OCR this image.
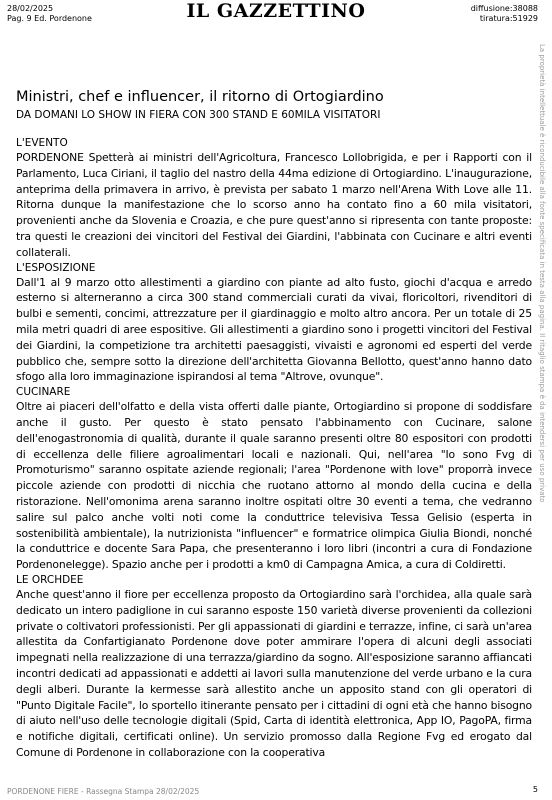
28/02/2025
Pag. 9 Ed. Pordenone	IL GAZZETTINO	diffusione:38088
tiratura:51929
La proprietà intellettuale è riconducibile alla fonte specificata in testa alla pagina. Il ritaglio stampa è da intendersi per uso privato
Ministri, chef e influencer, il ritorno di Ortogiardino
DA DOMANI LO SHOW IN FIERA CON 300 STAND E 60MILA VISITATORI
L'EVENTO

PORDENONE Spetterà ai ministri dell'Agricoltura, Francesco Lollobrigida, e per i Rapporti con il Parlamento, Luca Ciriani, il taglio del nastro della 44ma edizione di Ortogiardino. L'inaugurazione, anteprima della primavera in arrivo, è prevista per sabato 1 marzo nell'Arena With Love alle 11. Ritorna dunque la manifestazione che lo scorso anno ha contato fino a 60 mila visitatori, provenienti anche da Slovenia e Croazia, e che pure quest'anno si ripresenta con tante proposte: tra questi le creazioni dei vincitori del Festival dei Giardini, l'abbinata con Cucinare e altri eventi collaterali.

L'ESPOSIZIONE

Dall'1 al 9 marzo otto allestimenti a giardino con piante ad alto fusto, giochi d'acqua e arredo esterno si alterneranno a circa 300 stand commerciali curati da vivai, floricoltori, rivenditori di bulbi e sementi, concimi, attrezzature per il giardinaggio e molto altro ancora. Per un totale di 25 mila metri quadri di aree espositive. Gli allestimenti a giardino sono i progetti vincitori del Festival dei Giardini, la competizione tra architetti paesaggisti, vivaisti e agronomi ed esperti del verde pubblico che, sempre sotto la direzione dell'architetta Giovanna Bellotto, quest'anno hanno dato sfogo alla loro immaginazione ispirandosi al tema "Altrove, ovunque".

CUCINARE

Oltre ai piaceri dell'olfatto e della vista offerti dalle piante, Ortogiardino si propone di soddisfare anche il gusto. Per questo è stato pensato l'abbinamento con Cucinare, salone dell'enogastronomia di qualità, durante il quale saranno presenti oltre 80 espositori con prodotti di eccellenza delle filiere agroalimentari locali e nazionali. Qui, nell'area "Io sono Fvg di Promoturismo" saranno ospitate aziende regionali; l'area "Pordenone with love" proporrà invece piccole aziende con prodotti di nicchia che ruotano attorno al mondo della cucina e della ristorazione. Nell'omonima arena saranno inoltre ospitati oltre 30 eventi a tema, che vedranno salire sul palco anche volti noti come la conduttrice televisiva Tessa Gelisio (esperta in sostenibilità ambientale), la nutrizionista "influencer" e formatrice olimpica Giulia Biondi, nonché la conduttrice e docente Sara Papa, che presenteranno i loro libri (incontri a cura di Fondazione Pordenonelegge). Spazio anche per i prodotti a km0 di Campagna Amica, a cura di Coldiretti.

LE ORCHDEE

Anche quest'anno il fiore per eccellenza proposto da Ortogiardino sarà l'orchidea, alla quale sarà dedicato un intero padiglione in cui saranno esposte 150 varietà diverse provenienti da collezioni private o coltivatori professionisti. Per gli appassionati di giardini e terrazze, infine, ci sarà un'area allestita da Confartigianato Pordenone dove poter ammirare l'opera di alcuni degli associati impegnati nella realizzazione di una terrazza/giardino da sogno. All'esposizione saranno affiancati incontri dedicati ad appassionati e addetti ai lavori sulla manutenzione del verde urbano e la cura degli alberi. Durante la kermesse sarà allestito anche un apposito stand con gli operatori di "Punto Digitale Facile", lo sportello itinerante pensato per i cittadini di ogni età che hanno bisogno di aiuto nell'uso delle tecnologie digitali (Spid, Carta di identità elettronica, App IO, PagoPA, firma e notifiche digitali, certificati online). Un servizio promosso dalla Regione Fvg ed erogato dal Comune di Pordenone in collaborazione con la cooperativa

PORDENONE FIERE - Rassegna Stampa 28/02/2025	5
